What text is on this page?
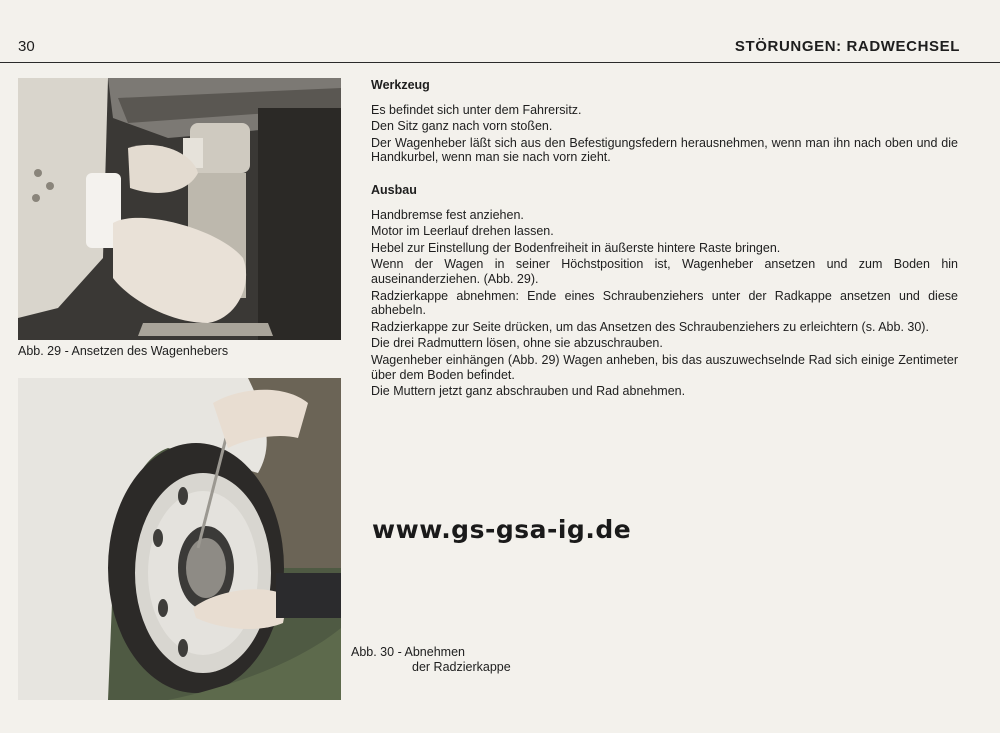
30	STÖRUNGEN: RADWECHSEL
Abb. 29 - Ansetzen des Wagenhebers
Abb. 30 - Abnehmen
der Radzierkappe
Werkzeug

Es befindet sich unter dem Fahrersitz.

Den Sitz ganz nach vorn stoßen.

Der Wagenheber läßt sich aus den Befestigungsfedern herausnehmen, wenn man ihn nach oben und die Handkurbel, wenn man sie nach vorn zieht.

Ausbau

Handbremse fest anziehen.

Motor im Leerlauf drehen lassen.

Hebel zur Einstellung der Bodenfreiheit in äußerste hintere Raste bringen.

Wenn der Wagen in seiner Höchstposition ist, Wagenheber ansetzen und zum Boden hin auseinanderziehen. (Abb. 29).

Radzierkappe abnehmen: Ende eines Schraubenziehers unter der Radkappe ansetzen und diese abhebeln.

Radzierkappe zur Seite drücken, um das Ansetzen des Schraubenziehers zu erleichtern (s. Abb. 30).

Die drei Radmuttern lösen, ohne sie abzuschrauben.

Wagenheber einhängen (Abb. 29) Wagen anheben, bis das auszuwechselnde Rad sich einige Zentimeter über dem Boden befindet.

Die Muttern jetzt ganz abschrauben und Rad abnehmen.

www.gs-gsa-ig.de
